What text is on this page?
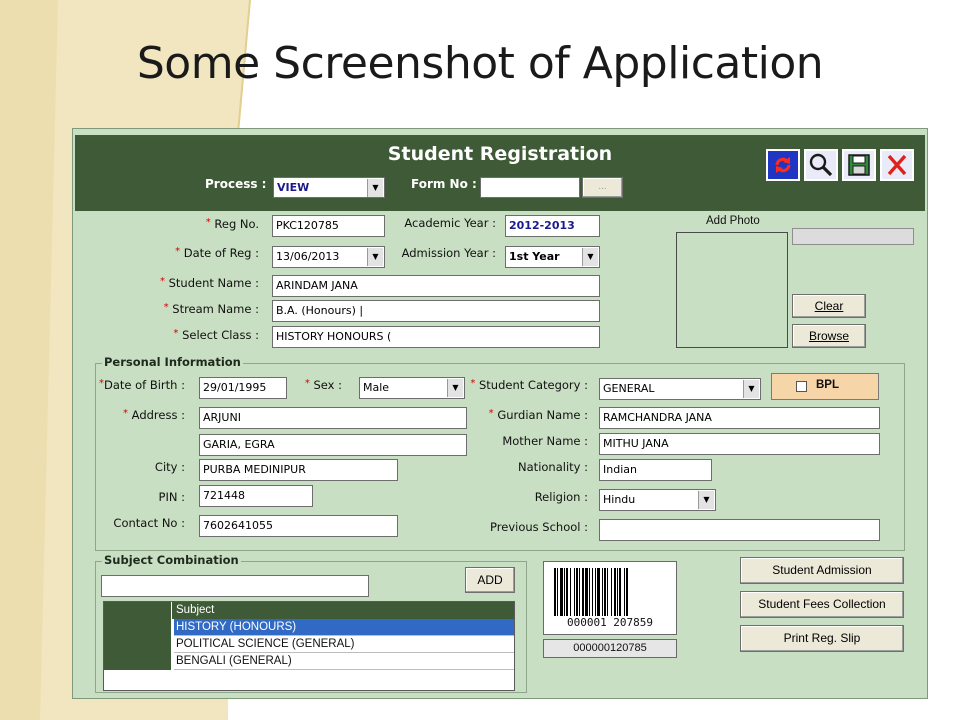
Some Screenshot of Application
Student Registration
Process : VIEW	▼	Form No :	...
* Reg No.	PKC120785
* Date of Reg :	13/06/2013	▼
* Student Name :	ARINDAM JANA
* Stream Name :	B.A. (Honours) |
* Select Class :	HISTORY HONOURS (
Academic Year :	2012-2013
Admission Year :	1st Year	▼
Add Photo
Clear
Browse
Personal Information
*Date of Birth :	29/01/1995	* Sex :	Male	▼	* Student Category :	GENERAL	▼	BPL
* Address :	ARJUNI
GARIA, EGRA
* Gurdian Name :	RAMCHANDRA JANA
Mother Name :	MITHU JANA
City :	PURBA MEDINIPUR	Nationality :	Indian
PIN :	721448	Religion :	Hindu	▼
Contact No :	7602641055	Previous School :
Subject Combination
ADD
Subject
HISTORY (HONOURS)
POLITICAL SCIENCE (GENERAL)
BENGALI (GENERAL)
000001 207859
000000120785
Student Admission
Student Fees Collection
Print Reg. Slip
